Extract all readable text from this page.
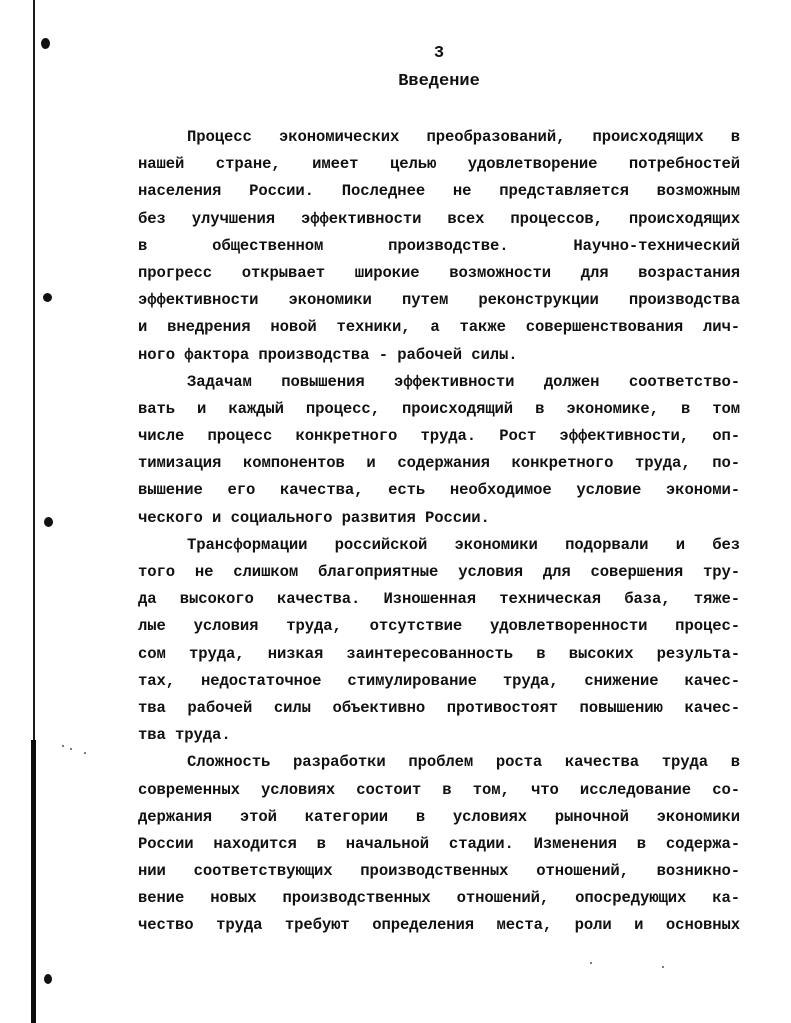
3
Введение
Процесс экономических преобразований, происходящих в
нашей стране, имеет целью удовлетворение потребностей
населения России. Последнее не представляется возможным
без улучшения эффективности всех процессов, происходящих
в общественном производстве. Научно-технический
прогресс открывает широкие возможности для возрастания
эффективности экономики путем реконструкции производства
и внедрения новой техники, а также совершенствования лич-
ного фактора производства - рабочей силы.
Задачам повышения эффективности должен соответство-
вать и каждый процесс, происходящий в экономике, в том
числе процесс конкретного труда. Рост эффективности, оп-
тимизация компонентов и содержания конкретного труда, по-
вышение его качества, есть необходимое условие экономи-
ческого и социального развития России.
Трансформации российской экономики подорвали и без
того не слишком благоприятные условия для совершения тру-
да высокого качества. Изношенная техническая база, тяже-
лые условия труда, отсутствие удовлетворенности процес-
сом труда, низкая заинтересованность в высоких результа-
тах, недостаточное стимулирование труда, снижение качес-
тва рабочей силы объективно противостоят повышению качес-
тва труда.
Сложность разработки проблем роста качества труда в
современных условиях состоит в том, что исследование со-
держания этой категории в условиях рыночной экономики
России находится в начальной стадии. Изменения в содержа-
нии соответствующих производственных отношений, возникно-
вение новых производственных отношений, опосредующих ка-
чество труда требуют определения места, роли и основных
